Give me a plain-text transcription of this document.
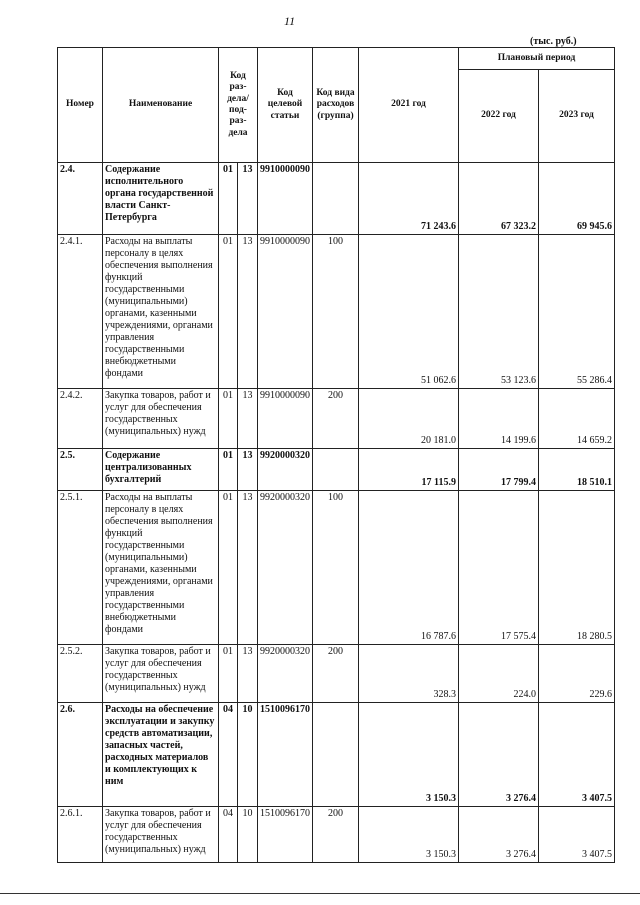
11
(тыс. руб.)
Номер	Наименование	Код раз- дела/ под- раз- дела		Код целевой статьи	Код вида расходов (группа)	2021 год	Плановый период	
							2022 год	2023 год
2.4.	Содержание исполнительного органа государственной власти Санкт-Петербурга	01	13	9910000090		71 243.6	67 323.2	69 945.6
2.4.1.	Расходы на выплаты персоналу в целях обеспечения выполнения функций государственными (муниципальными) органами, казенными учреждениями, органами управления государственными внебюджетными фондами	01	13	9910000090	100	51 062.6	53 123.6	55 286.4
2.4.2.	Закупка товаров, работ и услуг для обеспечения государственных (муниципальных) нужд	01	13	9910000090	200	20 181.0	14 199.6	14 659.2
2.5.	Содержание централизованных бухгалтерий	01	13	9920000320		17 115.9	17 799.4	18 510.1
2.5.1.	Расходы на выплаты персоналу в целях обеспечения выполнения функций государственными (муниципальными) органами, казенными учреждениями, органами управления государственными внебюджетными фондами	01	13	9920000320	100	16 787.6	17 575.4	18 280.5
2.5.2.	Закупка товаров, работ и услуг для обеспечения государственных (муниципальных) нужд	01	13	9920000320	200	328.3	224.0	229.6
2.6.	Расходы на обеспечение эксплуатации и закупку средств автоматизации, запасных частей, расходных материалов и комплектующих к ним	04	10	1510096170		3 150.3	3 276.4	3 407.5
2.6.1.	Закупка товаров, работ и услуг для обеспечения государственных (муниципальных) нужд	04	10	1510096170	200	3 150.3	3 276.4	3 407.5
